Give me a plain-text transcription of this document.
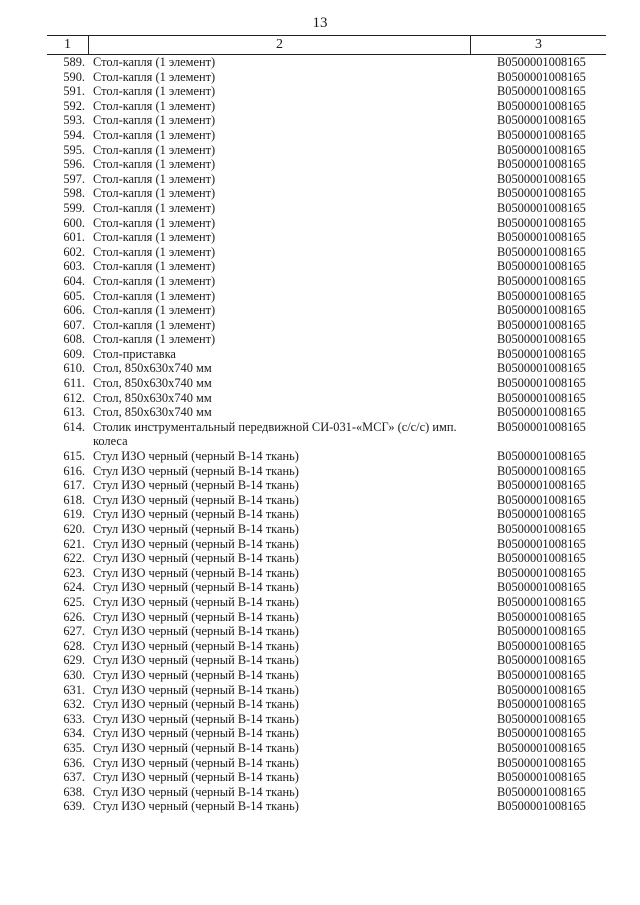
13
1	2	3
589. Стол-капля (1 элемент)	B0500001008165
590. Стол-капля (1 элемент)	B0500001008165
591. Стол-капля (1 элемент)	B0500001008165
592. Стол-капля (1 элемент)	B0500001008165
593. Стол-капля (1 элемент)	B0500001008165
594. Стол-капля (1 элемент)	B0500001008165
595. Стол-капля (1 элемент)	B0500001008165
596. Стол-капля (1 элемент)	B0500001008165
597. Стол-капля (1 элемент)	B0500001008165
598. Стол-капля (1 элемент)	B0500001008165
599. Стол-капля (1 элемент)	B0500001008165
600. Стол-капля (1 элемент)	B0500001008165
601. Стол-капля (1 элемент)	B0500001008165
602. Стол-капля (1 элемент)	B0500001008165
603. Стол-капля (1 элемент)	B0500001008165
604. Стол-капля (1 элемент)	B0500001008165
605. Стол-капля (1 элемент)	B0500001008165
606. Стол-капля (1 элемент)	B0500001008165
607. Стол-капля (1 элемент)	B0500001008165
608. Стол-капля (1 элемент)	B0500001008165
609. Стол-приставка	B0500001008165
610. Стол, 850х630х740 мм	B0500001008165
611. Стол, 850х630х740 мм	B0500001008165
612. Стол, 850х630х740 мм	B0500001008165
613. Стол, 850х630х740 мм	B0500001008165
614. Столик инструментальный передвижной СИ-031-«МСГ» (с/с/с) имп. колеса
B0500001008165
615. Стул ИЗО черный (черный В-14 ткань)	B0500001008165
616. Стул ИЗО черный (черный В-14 ткань)	B0500001008165
617. Стул ИЗО черный (черный В-14 ткань)	B0500001008165
618. Стул ИЗО черный (черный В-14 ткань)	B0500001008165
619. Стул ИЗО черный (черный В-14 ткань)	B0500001008165
620. Стул ИЗО черный (черный В-14 ткань)	B0500001008165
621. Стул ИЗО черный (черный В-14 ткань)	B0500001008165
622. Стул ИЗО черный (черный В-14 ткань)	B0500001008165
623. Стул ИЗО черный (черный В-14 ткань)	B0500001008165
624. Стул ИЗО черный (черный В-14 ткань)	B0500001008165
625. Стул ИЗО черный (черный В-14 ткань)	B0500001008165
626. Стул ИЗО черный (черный В-14 ткань)	B0500001008165
627. Стул ИЗО черный (черный В-14 ткань)	B0500001008165
628. Стул ИЗО черный (черный В-14 ткань)	B0500001008165
629. Стул ИЗО черный (черный В-14 ткань)	B0500001008165
630. Стул ИЗО черный (черный В-14 ткань)	B0500001008165
631. Стул ИЗО черный (черный В-14 ткань)	B0500001008165
632. Стул ИЗО черный (черный В-14 ткань)	B0500001008165
633. Стул ИЗО черный (черный В-14 ткань)	B0500001008165
634. Стул ИЗО черный (черный В-14 ткань)	B0500001008165
635. Стул ИЗО черный (черный В-14 ткань)	B0500001008165
636. Стул ИЗО черный (черный В-14 ткань)	B0500001008165
637. Стул ИЗО черный (черный В-14 ткань)	B0500001008165
638. Стул ИЗО черный (черный В-14 ткань)	B0500001008165
639. Стул ИЗО черный (черный В-14 ткань)	B0500001008165
